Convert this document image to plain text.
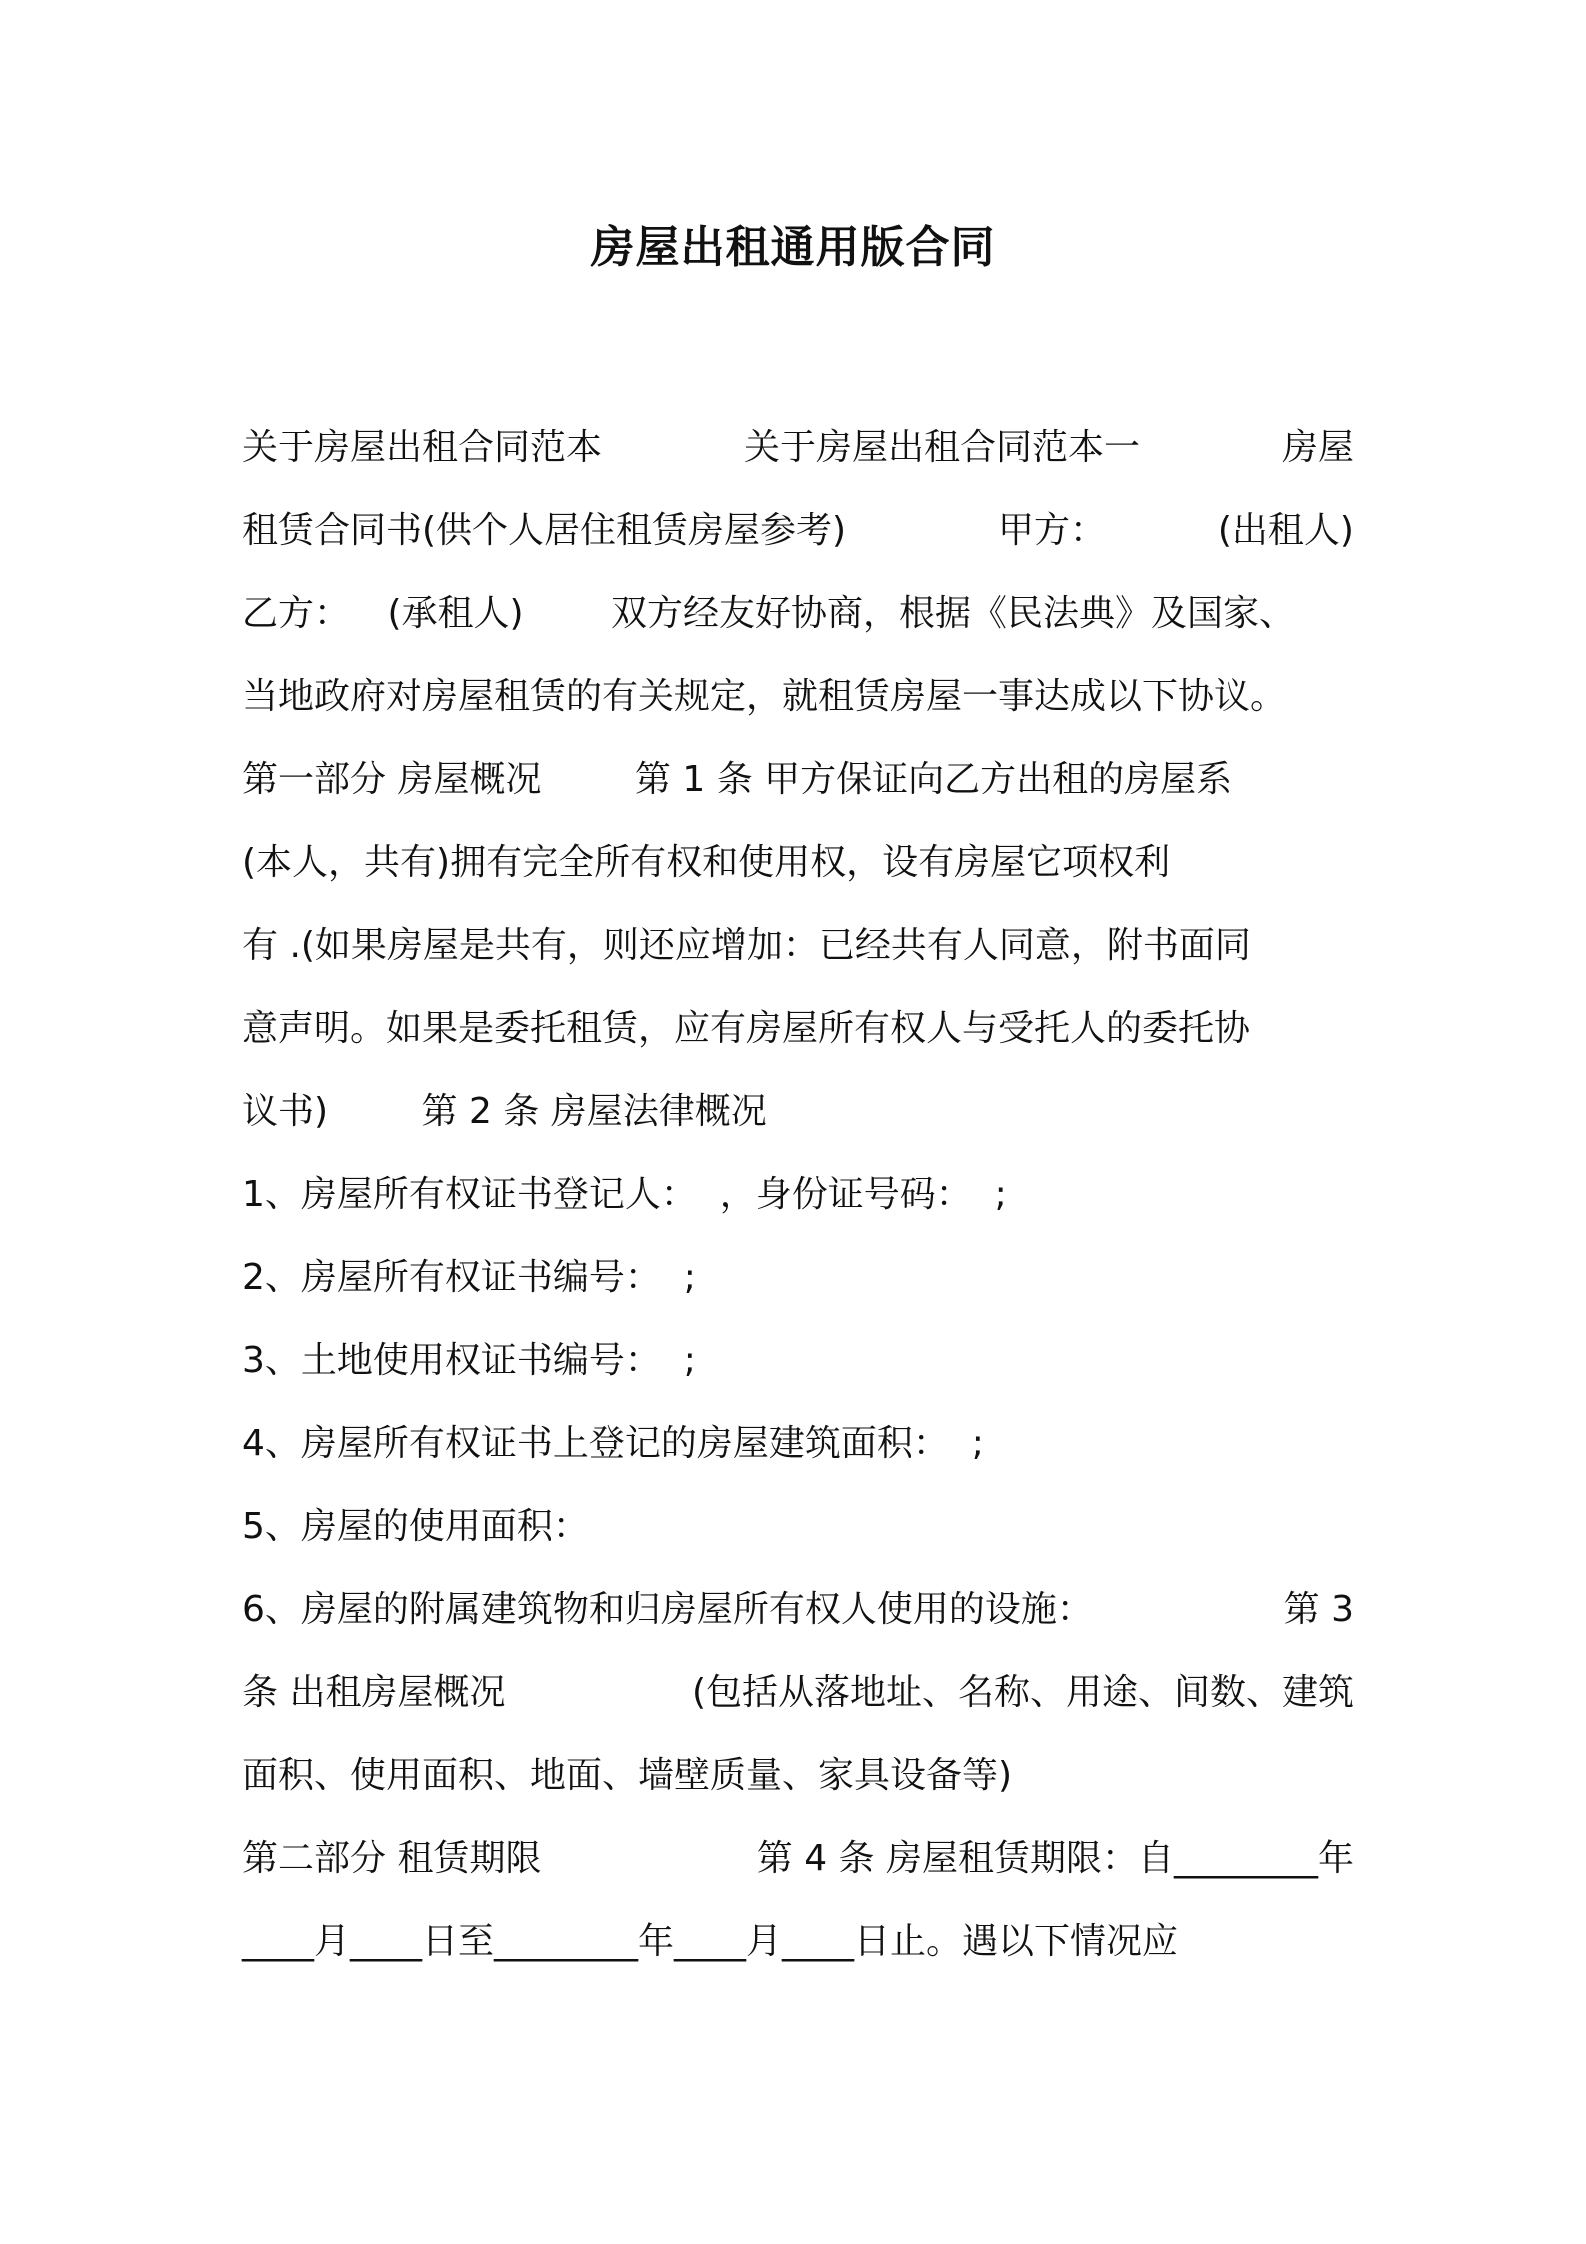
房屋出租通用版合同
关于房屋出租合同范本	关于房屋出租合同范本一	房屋
租赁合同书(供个人居住租赁房屋参考)	甲方：	(出租人)
乙方： (承租人) 双方经友好协商，根据《民法典》及国家、
当地政府对房屋租赁的有关规定，就租赁房屋一事达成以下协议。
第一部分 房屋概况	第 1 条 甲方保证向乙方出租的房屋系
(本人，共有)拥有完全所有权和使用权，设有房屋它项权利
有 .(如果房屋是共有，则还应增加：已经共有人同意，附书面同
意声明。如果是委托租赁，应有房屋所有权人与受托人的委托协
议书)	第 2 条 房屋法律概况
1、房屋所有权证书登记人：  ，身份证号码：  ;
2、房屋所有权证书编号：  ;
3、土地使用权证书编号：  ;
4、房屋所有权证书上登记的房屋建筑面积：  ;
5、房屋的使用面积：
6、房屋的附属建筑物和归房屋所有权人使用的设施：	第 3
条 出租房屋概况	(包括从落地址、名称、用途、间数、建筑
面积、使用面积、地面、墙壁质量、家具设备等)
第二部分 租赁期限	第 4 条 房屋租赁期限：自________年
____月____日至________年____月____日止。遇以下情况应
